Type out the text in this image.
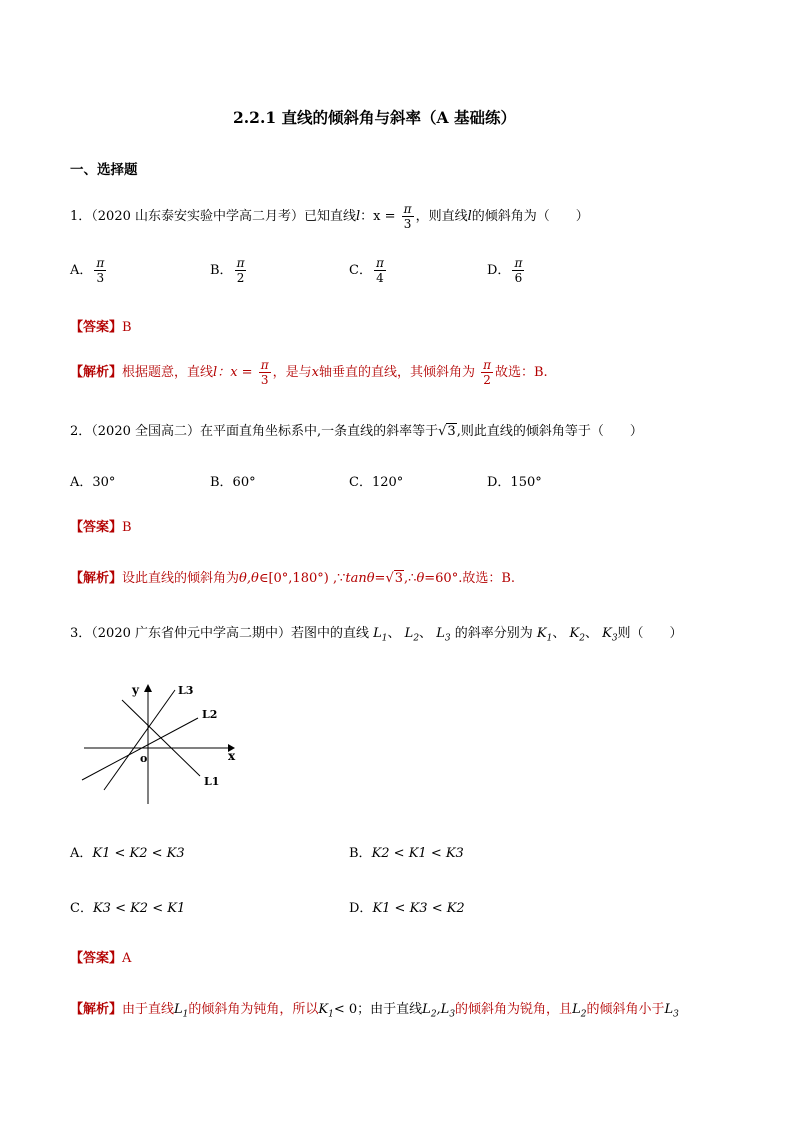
2.2.1 直线的倾斜角与斜率（A 基础练）
一、选择题
1．（2020 山东泰安实验中学高二月考）已知直线l：$x = \frac{\pi}{3}$ ，则直线l的倾斜角为（　　）
A． $\frac{\pi}{3}$	B． $\frac{\pi}{2}$	C． $\frac{\pi}{4}$	D． $\frac{\pi}{6}$
【答案】B
【解析】根据题意，直线l：$x = \frac{\pi}{3}$ ，是与x轴垂直的直线，其倾斜角为 $\frac{\pi}{2}$ 故选：B.
2．（2020 全国高二）在平面直角坐标系中,一条直线的斜率等于√3,则此直线的倾斜角等于（　　）
A．30°	B．60°	C．120°	D．150°
【答案】B
【解析】设此直线的倾斜角为θ,θ∈[0°,180°) ,∵tanθ=√3,∴θ=60°.故选：B.
3．（2020 广东省仲元中学高二期中）若图中的直线 $L_1$、 $L_2$、 $L_3$ 的斜率分别为 $K_1$、 $K_2$、 $K_3$则（　　）
y
x
o
L3
L2
L1
A．K1 < K2 < K3	B．K2 < K1 < K3
C．K3 < K2 < K1	D．K1 < K3 < K2
【答案】A
【解析】由于直线$L_1$的倾斜角为钝角，所以$K_1< 0$；由于直线$L_2,L_3$的倾斜角为锐角，且$L_2$的倾斜角小于$L_3$
